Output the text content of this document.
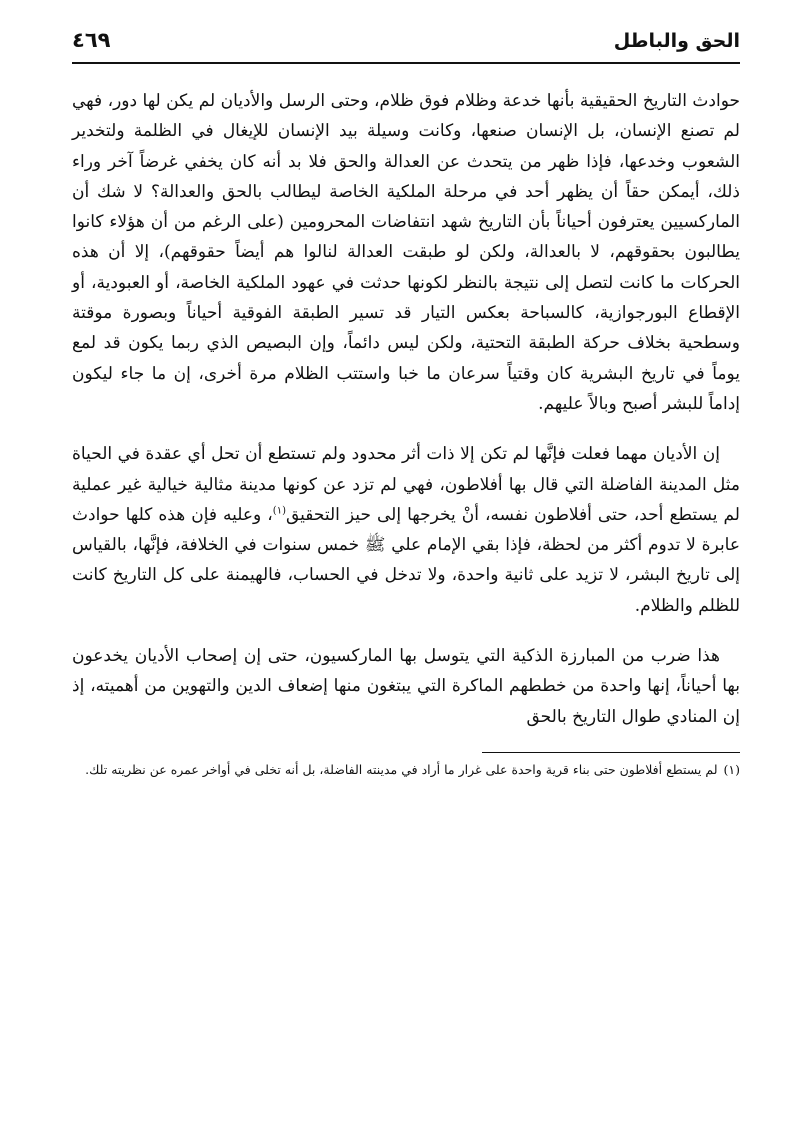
الحق والباطل
٤٦٩

حوادث التاريخ الحقيقية بأنها خدعة وظلام فوق ظلام، وحتى الرسل والأديان لم يكن لها دور، فهي لم تصنع الإنسان، بل الإنسان صنعها، وكانت وسيلة بيد الإنسان للإيغال في الظلمة ولتخدير الشعوب وخدعها، فإذا ظهر من يتحدث عن العدالة والحق فلا بد أنه كان يخفي غرضاً آخر وراء ذلك، أيمكن حقاً أن يظهر أحد في مرحلة الملكية الخاصة ليطالب بالحق والعدالة؟ لا شك أن الماركسيين يعترفون أحياناً بأن التاريخ شهد انتفاضات المحرومين (على الرغم من أن هؤلاء كانوا يطالبون بحقوقهم، لا بالعدالة، ولكن لو طبقت العدالة لنالوا هم أيضاً حقوقهم)، إلا أن هذه الحركات ما كانت لتصل إلى نتيجة بالنظر لكونها حدثت في عهود الملكية الخاصة، أو العبودية، أو الإقطاع البورجوازية، كالسباحة بعكس التيار قد تسير الطبقة الفوقية أحياناً وبصورة موقتة وسطحية بخلاف حركة الطبقة التحتية، ولكن ليس دائماً، وإن البصيص الذي ربما يكون قد لمع يوماً في تاريخ البشرية كان وقتياً سرعان ما خبا واستتب الظلام مرة أخرى، إن ما جاء ليكون إداماً للبشر أصبح وبالاً عليهم.

إن الأديان مهما فعلت فإنَّها لم تكن إلا ذات أثر محدود ولم تستطع أن تحل أي عقدة في الحياة مثل المدينة الفاضلة التي قال بها أفلاطون، فهي لم تزد عن كونها مدينة مثالية خيالية غير عملية لم يستطع أحد، حتى أفلاطون نفسه، أنْ يخرجها إلى حيز التحقيق$^{(١)}$، وعليه فإن هذه كلها حوادث عابرة لا تدوم أكثر من لحظة، فإذا بقي الإمام علي ﷺ خمس سنوات في الخلافة، فإنَّها، بالقياس إلى تاريخ البشر، لا تزيد على ثانية واحدة، ولا تدخل في الحساب، فالهيمنة على كل التاريخ كانت للظلم والظلام.

هذا ضرب من المبارزة الذكية التي يتوسل بها الماركسيون، حتى إن إصحاب الأديان يخدعون بها أحياناً، إنها واحدة من خططهم الماكرة التي يبتغون منها إضعاف الدين والتهوين من أهميته، إذ إن المنادي طوال التاريخ بالحق

(١)لم يستطع أفلاطون حتى بناء قرية واحدة على غرار ما أراد في مدينته الفاضلة، بل أنه تخلى في أواخر عمره عن نظريته تلك.
